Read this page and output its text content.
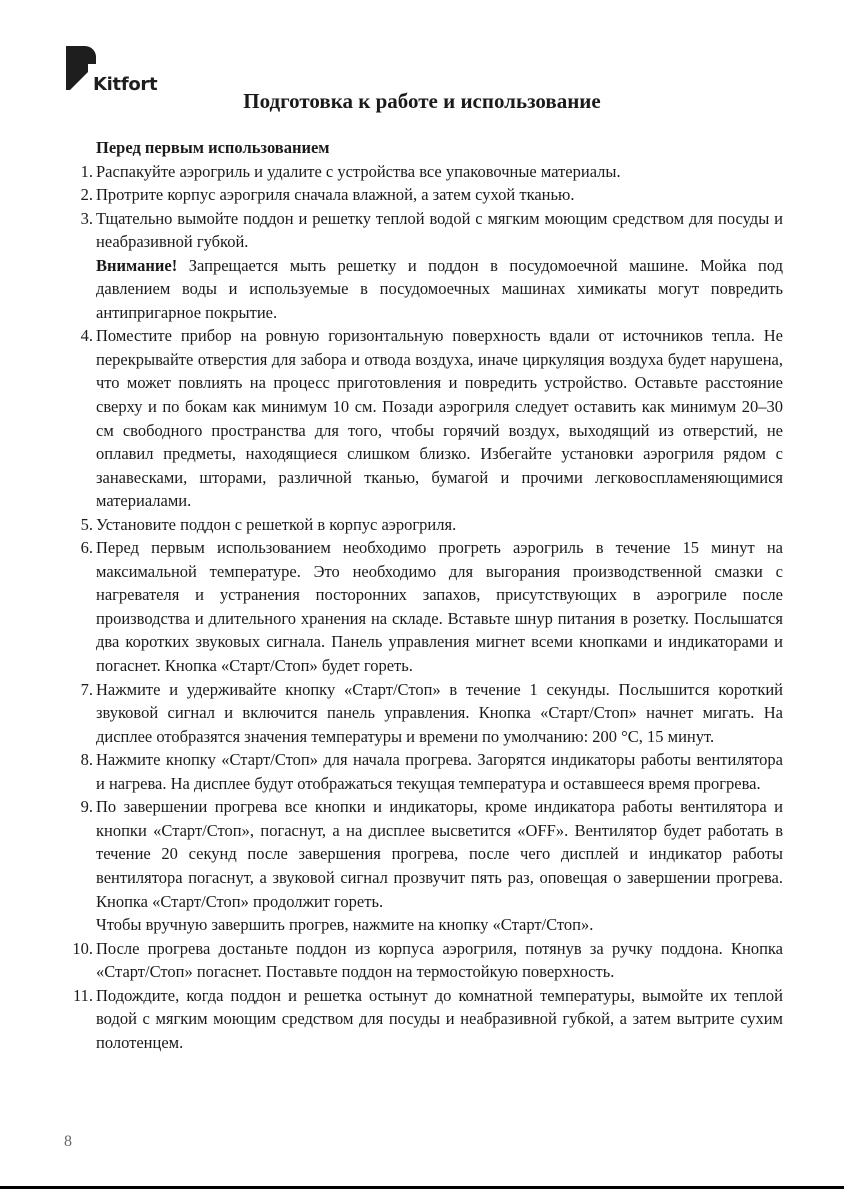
Kitfort
Подготовка к работе и использование
Перед первым использованием
1 . Распакуйте аэрогриль и удалите с устройства все упаковочные материалы.
2 . Протрите корпус аэрогриля сначала влажной, а затем сухой тканью.
3 . Тщательно вымойте поддон и решетку теплой водой с мягким моющим средством для посуды и неабразивной губкой.
Внимание! Запрещается мыть решетку и поддон в посудомоечной машине. Мойка под давлением воды и используемые в посудомоечных машинах химикаты могут повредить антипригарное покрытие.
4 . Поместите прибор на ровную горизонтальную поверхность вдали от источников тепла. Не перекрывайте отверстия для забора и отвода воздуха, иначе циркуляция воздуха будет нарушена, что может повлиять на процесс приготовления и повредить устройство. Оставьте расстояние сверху и по бокам как минимум 10 см. Позади аэрогриля следует оставить как минимум 20–30 см свободного пространства для того, чтобы горячий воздух, выходящий из отверстий, не оплавил предметы, находящиеся слишком близко. Избегайте установки аэрогриля рядом с занавесками, шторами, различной тканью, бумагой и прочими легковоспламеняющимися материалами.
5 . Установите поддон с решеткой в корпус аэрогриля.
6 . Перед первым использованием необходимо прогреть аэрогриль в течение 15 минут на максимальной температуре. Это необходимо для выгорания производственной смазки с нагревателя и устранения посторонних запахов, присутствующих в аэрогриле после производства и длительного хранения на складе. Вставьте шнур питания в розетку. Послышатся два коротких звуковых сигнала. Панель управления мигнет всеми кнопками и индикаторами и погаснет. Кнопка «Старт/Стоп» будет гореть.
7 . Нажмите и удерживайте кнопку «Старт/Стоп» в течение 1 секунды. Послышится короткий звуковой сигнал и включится панель управления. Кнопка «Старт/Стоп» начнет мигать. На дисплее отобразятся значения температуры и времени по умолчанию: 200 °C, 15 минут.
8 . Нажмите кнопку «Старт/Стоп» для начала прогрева. Загорятся индикаторы работы вентилятора и нагрева. На дисплее будут отображаться текущая температура и оставшееся время прогрева.
9 . По завершении прогрева все кнопки и индикаторы, кроме индикатора работы вентилятора и кнопки «Старт/Стоп», погаснут, а на дисплее высветится «OFF». Вентилятор будет работать в течение 20 секунд после завершения прогрева, после чего дисплей и индикатор работы вентилятора погаснут, а звуковой сигнал прозвучит пять раз, оповещая о завершении прогрева. Кнопка «Старт/Стоп» продолжит гореть.
Чтобы вручную завершить прогрев, нажмите на кнопку «Старт/Стоп».
10 . После прогрева достаньте поддон из корпуса аэрогриля, потянув за ручку поддона. Кнопка «Старт/Стоп» погаснет. Поставьте поддон на термостойкую поверхность.
11 . Подождите, когда поддон и решетка остынут до комнатной температуры, вымойте их теплой водой с мягким моющим средством для посуды и неабразивной губкой, а затем вытрите сухим полотенцем.
8
